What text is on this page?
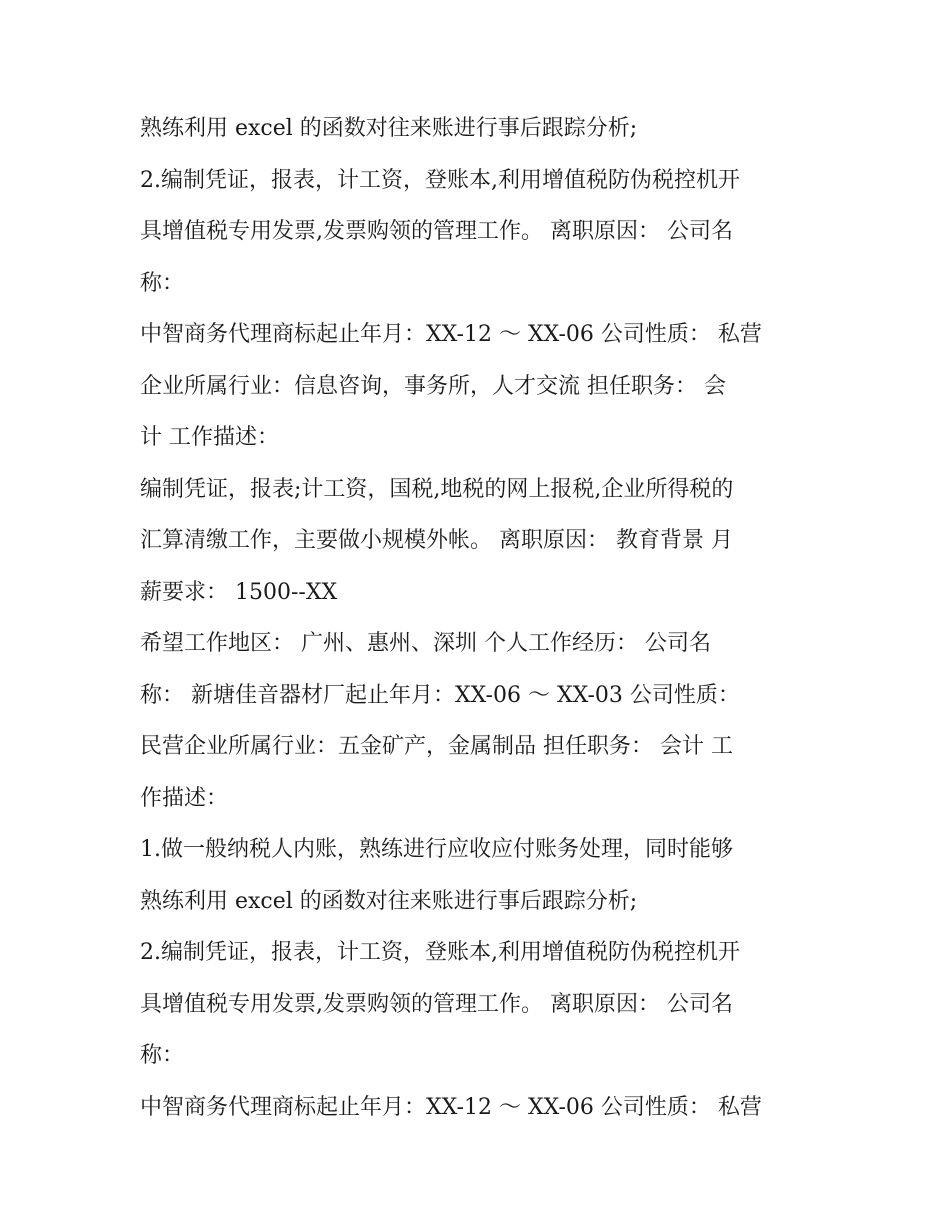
熟练利用 excel 的函数对往来账进行事后跟踪分析;
2.编制凭证，报表，计工资，登账本,利用增值税防伪税控机开
具增值税专用发票,发票购领的管理工作。 离职原因： 公司名
称：
中智商务代理商标起止年月：XX-12 ～ XX-06 公司性质： 私营
企业所属行业：信息咨询，事务所，人才交流 担任职务： 会
计 工作描述：
编制凭证，报表;计工资，国税,地税的网上报税,企业所得税的
汇算清缴工作，主要做小规模外帐。 离职原因： 教育背景 月
薪要求： 1500--XX
希望工作地区： 广州、惠州、深圳 个人工作经历： 公司名
称： 新塘佳音器材厂起止年月：XX-06 ～ XX-03 公司性质：
民营企业所属行业：五金矿产，金属制品 担任职务： 会计 工
作描述：
1.做一般纳税人内账，熟练进行应收应付账务处理，同时能够
熟练利用 excel 的函数对往来账进行事后跟踪分析;
2.编制凭证，报表，计工资，登账本,利用增值税防伪税控机开
具增值税专用发票,发票购领的管理工作。 离职原因： 公司名
称：
中智商务代理商标起止年月：XX-12 ～ XX-06 公司性质： 私营
